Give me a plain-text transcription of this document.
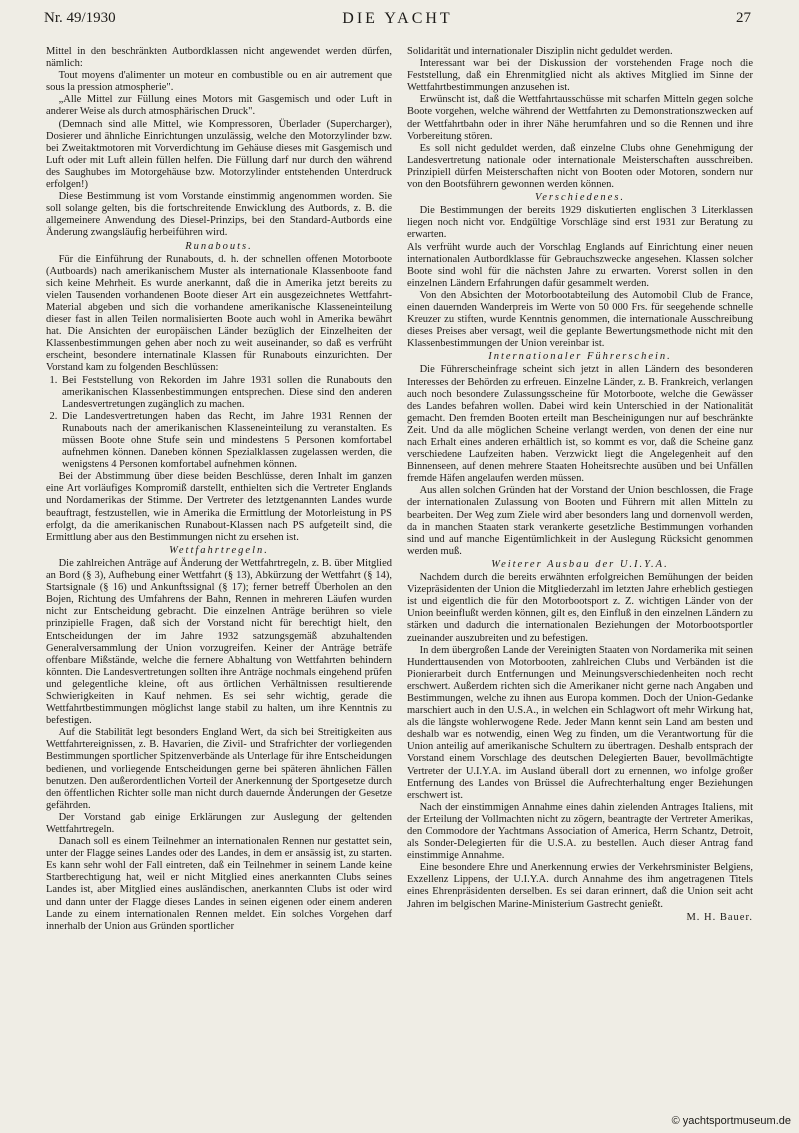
Nr. 49/1930	DIE YACHT	27

Mittel in den beschränkten Autbordklassen nicht angewendet werden dürfen, nämlich:

Tout moyens d'alimenter un moteur en combustible ou en air autrement que sous la pression atmospherie".

„Alle Mittel zur Füllung eines Motors mit Gasgemisch und oder Luft in anderer Weise als durch atmosphärischen Druck".

(Demnach sind alle Mittel, wie Kompressoren, Überlader (Supercharger), Dosierer und ähnliche Einrichtungen unzulässig, welche den Motorzylinder bzw. bei Zweitaktmotoren mit Vorverdichtung im Gehäuse dieses mit Gasgemisch und Luft oder mit Luft allein füllen helfen. Die Füllung darf nur durch den während des Saughubes im Motorgehäuse bzw. Motorzylinder entstehenden Unterdruck erfolgen!)

Diese Bestimmung ist vom Vorstande einstimmig angenommen worden. Sie soll solange gelten, bis die fortschreitende Enwicklung des Autbords, z. B. die allgemeinere Anwendung des Diesel-Prinzips, bei den Standard-Autbords eine Änderung zwangsläufig herbeiführen wird.

Runabouts.

Für die Einführung der Runabouts, d. h. der schnellen offenen Motorboote (Autboards) nach amerikanischem Muster als internationale Klassenboote fand sich keine Mehrheit. Es wurde anerkannt, daß die in Amerika jetzt bereits zu vielen Tausenden vorhandenen Boote dieser Art ein ausgezeichnetes Wettfahrt-Material abgeben und sich die vorhandene amerikanische Klasseneinteilung dieser fast in allen Teilen normalisierten Boote auch wohl in Amerika bewährt hat. Die Ansichten der europäischen Länder bezüglich der Einzelheiten der Klassenbestimmungen gehen aber noch zu weit auseinander, so daß es verfrüht erscheint, besondere internatinale Klassen für Runabouts einzurichten. Der Vorstand kam zu folgenden Beschlüssen:

1. Bei Feststellung von Rekorden im Jahre 1931 sollen die Runabouts den amerikanischen Klassenbestimmungen entsprechen. Diese sind den anderen Landesvertretungen zugänglich zu machen.
2. Die Landesvertretungen haben das Recht, im Jahre 1931 Rennen der Runabouts nach der amerikanischen Klasseneinteilung zu veranstalten. Es müssen Boote ohne Stufe sein und mindestens 5 Personen komfortabel aufnehmen können. Daneben können Spezialklassen zugelassen werden, die wenigstens 4 Personen komfortabel aufnehmen können.

Bei der Abstimmung über diese beiden Beschlüsse, deren Inhalt im ganzen eine Art vorläufiges Kompromiß darstellt, enthielten sich die Vertreter Englands und Nordamerikas der Stimme. Der Vertreter des letztgenannten Landes wurde beauftragt, festzustellen, wie in Amerika die Ermittlung der Motorleistung in PS erfolgt, da die amerikanischen Runabout-Klassen nach PS aufgeteilt sind, die Ermittlung aber aus den Bestimmungen nicht zu ersehen ist.

Wettfahrtregeln.

Die zahlreichen Anträge auf Änderung der Wettfahrtregeln, z. B. über Mitglied an Bord (§ 3), Aufhebung einer Wettfahrt (§ 13), Abkürzung der Wettfahrt (§ 14), Startsignale (§ 16) und Ankunftssignal (§ 17); ferner betreff Überholen an den Bojen, Richtung des Umfahrens der Bahn, Rennen in mehreren Läufen wurden nicht zur Entscheidung gebracht. Die einzelnen Anträge berühren so viele prinzipielle Fragen, daß sich der Vorstand nicht für berechtigt hielt, den Entscheidungen der im Jahre 1932 satzungsgemäß abzuhaltenden Generalversammlung der Union vorzugreifen. Keiner der Anträge beträfe offenbare Mißstände, welche die fernere Abhaltung von Wettfahrten behindern könnten. Die Landesvertretungen sollten ihre Anträge nochmals eingehend prüfen und gelegentliche kleine, oft aus örtlichen Verhältnissen resultierende Schwierigkeiten in Kauf nehmen. Es sei sehr wichtig, gerade die Wettfahrtbestimmungen möglichst lange stabil zu halten, um ihre Kenntnis zu befestigen.

Auf die Stabilität legt besonders England Wert, da sich bei Streitigkeiten aus Wettfahrtereignissen, z. B. Havarien, die Zivil- und Strafrichter der vorliegenden Bestimmungen sportlicher Spitzenverbände als Unterlage für ihre Entscheidungen bedienen, und vorliegende Entscheidungen gerne bei späteren ähnlichen Fällen benutzen. Den außerordentlichen Vorteil der Anerkennung der Sportgesetze durch den öffentlichen Richter solle man nicht durch dauernde Änderungen der Gesetze gefährden.

Der Vorstand gab einige Erklärungen zur Auslegung der geltenden Wettfahrtregeln.

Danach soll es einem Teilnehmer an internationalen Rennen nur gestattet sein, unter der Flagge seines Landes oder des Landes, in dem er ansässig ist, zu starten. Es kann sehr wohl der Fall eintreten, daß ein Teilnehmer in seinem Lande keine Startberechtigung hat, weil er nicht Mitglied eines anerkannten Clubs seines Landes ist, aber Mitglied eines ausländischen, anerkannten Clubs ist oder wird und dann unter der Flagge dieses Landes in seinen eigenen oder einem anderen Lande zu einem internationalen Rennen meldet. Ein solches Vorgehen darf innerhalb der Union aus Gründen sportlicher

Solidarität und internationaler Disziplin nicht geduldet werden.

Interessant war bei der Diskussion der vorstehenden Frage noch die Feststellung, daß ein Ehrenmitglied nicht als aktives Mitglied im Sinne der Wettfahrtbestimmungen anzusehen ist.

Erwünscht ist, daß die Wettfahrtausschüsse mit scharfen Mitteln gegen solche Boote vorgehen, welche während der Wettfahrten zu Demonstrationszwecken auf der Wettfahrtbahn oder in ihrer Nähe herumfahren und so die Rennen und ihre Vorbereitung stören.

Es soll nicht geduldet werden, daß einzelne Clubs ohne Genehmigung der Landesvertretung nationale oder internationale Meisterschaften ausschreiben. Prinzipiell dürfen Meisterschaften nicht von Booten oder Motoren, sondern nur von den Bootsführern gewonnen werden können.

Verschiedenes.

Die Bestimmungen der bereits 1929 diskutierten englischen 3 Literklassen liegen noch nicht vor. Endgültige Vorschläge sind erst 1931 zur Beratung zu erwarten.

Als verfrüht wurde auch der Vorschlag Englands auf Einrichtung einer neuen internationalen Autbordklasse für Gebrauchszwecke angesehen. Klassen solcher Boote sind wohl für die nächsten Jahre zu erwarten. Vorerst sollen in den einzelnen Ländern Erfahrungen dafür gesammelt werden.

Von den Absichten der Motorbootabteilung des Automobil Club de France, einen dauernden Wanderpreis im Werte von 50 000 Frs. für seegehende schnelle Kreuzer zu stiften, wurde Kenntnis genommen, die internationale Ausschreibung dieses Preises aber versagt, weil die geplante Bewertungsmethode nicht mit den Klassenbestimmungen der Union vereinbar ist.

Internationaler Führerschein.

Die Führerscheinfrage scheint sich jetzt in allen Ländern des besonderen Interesses der Behörden zu erfreuen. Einzelne Länder, z. B. Frankreich, verlangen auch noch besondere Zulassungsscheine für Motorboote, welche die Gewässer des Landes befahren wollen. Dabei wird kein Unterschied in der Nationalität gemacht. Den fremden Booten erteilt man Bescheinigungen nur auf beschränkte Zeit. Und da alle möglichen Scheine verlangt werden, von denen der eine nur nach Erhalt eines anderen erhältlich ist, so kommt es vor, daß die Scheine ganz verschiedene Laufzeiten haben. Verzwickt liegt die Angelegenheit auf den Binnenseen, auf denen mehrere Staaten Hoheitsrechte ausüben und bei Unfällen fremde Häfen angelaufen werden müssen.

Aus allen solchen Gründen hat der Vorstand der Union beschlossen, die Frage der internationalen Zulassung von Booten und Führern mit allen Mitteln zu bearbeiten. Der Weg zum Ziele wird aber besonders lang und dornenvoll werden, da in manchen Staaten stark verankerte gesetzliche Bestimmungen vorhanden sind und auf manche Eigentümlichkeit in der Auslegung Rücksicht genommen werden muß.

Weiterer Ausbau der U.I.Y.A.

Nachdem durch die bereits erwähnten erfolgreichen Bemühungen der beiden Vizepräsidenten der Union die Mitgliederzahl im letzten Jahre erheblich gestiegen ist und eigentlich die für den Motorbootsport z. Z. wichtigen Länder von der Union beeinflußt werden können, gilt es, den Einfluß in den einzelnen Ländern zu stärken und dadurch die internationalen Beziehungen der Motorbootsportler zueinander auszubreiten und zu befestigen.

In dem übergroßen Lande der Vereinigten Staaten von Nordamerika mit seinen Hunderttausenden von Motorbooten, zahlreichen Clubs und Verbänden ist die Pionierarbeit durch Entfernungen und Meinungsverschiedenheiten noch recht erschwert. Außerdem richten sich die Amerikaner nicht gerne nach Angaben und Bestimmungen, welche zu ihnen aus Europa kommen. Doch der Union-Gedanke marschiert auch in den U.S.A., in welchen ein Schlagwort oft mehr Wirkung hat, als die längste wohlerwogene Rede. Jeder Mann kennt sein Land am besten und deshalb war es notwendig, einen Weg zu finden, um die Verantwortung für die Union anteilig auf amerikanische Schultern zu übertragen. Deshalb entsprach der Vorstand einem Vorschlage des deutschen Delegierten Bauer, bevollmächtigte Vertreter der U.I.Y.A. im Ausland überall dort zu ernennen, wo infolge großer Entfernung des Landes von Brüssel die Aufrechterhaltung enger Beziehungen erschwert ist.

Nach der einstimmigen Annahme eines dahin zielenden Antrages Italiens, mit der Erteilung der Vollmachten nicht zu zögern, beantragte der Vertreter Amerikas, den Commodore der Yachtmans Association of America, Herrn Schantz, Detroit, als Sonder-Delegierten für die U.S.A. zu bestellen. Auch dieser Antrag fand einstimmige Annahme.

Eine besondere Ehre und Anerkennung erwies der Verkehrsminister Belgiens, Exzellenz Lippens, der U.I.Y.A. durch Annahme des ihm angetragenen Titels eines Ehrenpräsidenten derselben. Es sei daran erinnert, daß die Union seit acht Jahren im belgischen Marine-Ministerium Gastrecht genießt.

M. H. Bauer.

© yachtsportmuseum.de
